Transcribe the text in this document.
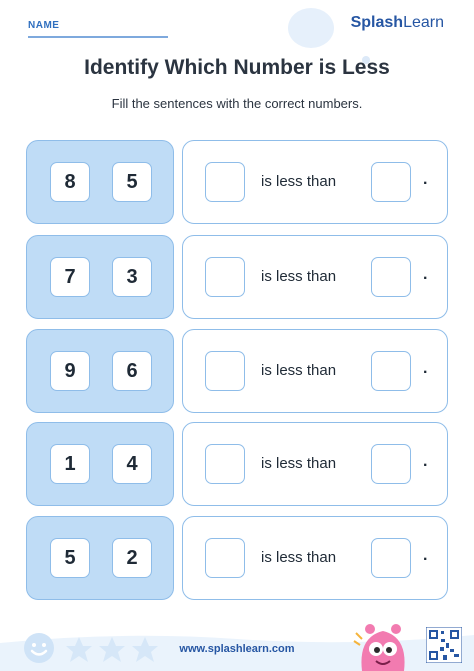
NAME	SplashLearn
Identify Which Number is Less
Fill the sentences with the correct numbers.
8	5	is less than	.
7	3	is less than	.
9	6	is less than	.
1	4	is less than	.
5	2	is less than	.
www.splashlearn.com
